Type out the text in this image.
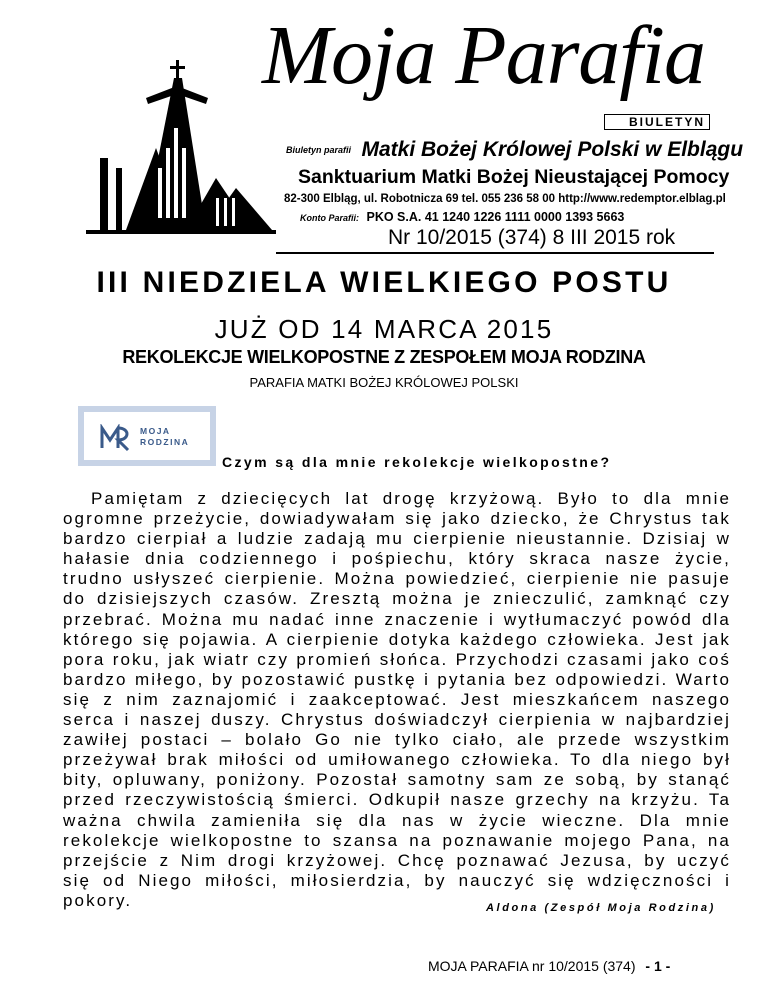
Moja Parafia
BIULETYN
Biuletyn parafii Matki Bożej Królowej Polski w Elblągu
Sanktuarium Matki Bożej Nieustającej Pomocy
82-300 Elbląg, ul. Robotnicza 69 tel. 055 236 58 00 http://www.redemptor.elblag.pl
Konto Parafii: PKO S.A. 41 1240 1226 1111 0000 1393 5663
Nr 10/2015 (374) 8 III 2015 rok
III NIEDZIELA WIELKIEGO POSTU
JUŻ OD 14 MARCA 2015
REKOLEKCJE WIELKOPOSTNE Z ZESPOŁEM MOJA RODZINA
PARAFIA MATKI BOŻEJ KRÓLOWEJ POLSKI
MOJA
RODZINA
Czym są dla mnie rekolekcje wielkopostne?

Pamiętam z dziecięcych lat drogę krzyżową. Było to dla mnie ogromne przeżycie, dowiadywałam się jako dziecko, że Chrystus tak bardzo cierpiał a ludzie zadają mu cierpienie nieustannie. Dzisiaj w hałasie dnia codziennego i pośpiechu, który skraca nasze życie, trudno usłyszeć cierpienie. Można powiedzieć, cierpienie nie pasuje do dzisiejszych czasów. Zresztą można je znieczulić, zamknąć czy przebrać. Można mu nadać inne znaczenie i wytłumaczyć powód dla którego się pojawia. A cierpienie dotyka każdego człowieka. Jest jak pora roku, jak wiatr czy promień słońca. Przychodzi czasami jako coś bardzo miłego, by pozostawić pustkę i pytania bez odpowiedzi. Warto się z nim zaznajomić i zaakceptować. Jest mieszkańcem naszego serca i naszej duszy. Chrystus doświadczył cierpienia w najbardziej zawiłej postaci – bolało Go nie tylko ciało, ale przede wszystkim przeżywał brak miłości od umiłowanego człowieka. To dla niego był bity, opluwany, poniżony. Pozostał samotny sam ze sobą, by stanąć przed rzeczywistością śmierci. Odkupił nasze grzechy na krzyżu. Ta ważna chwila zamieniła się dla nas w życie wieczne. Dla mnie rekolekcje wielkopostne to szansa na poznawanie mojego Pana, na przejście z Nim drogi krzyżowej. Chcę poznawać Jezusa, by uczyć się od Niego miłości, miłosierdzia, by nauczyć się wdzięczności i pokory.	Aldona (Zespół Moja Rodzina)
MOJA PARAFIA nr 10/2015 (374) - 1 -
